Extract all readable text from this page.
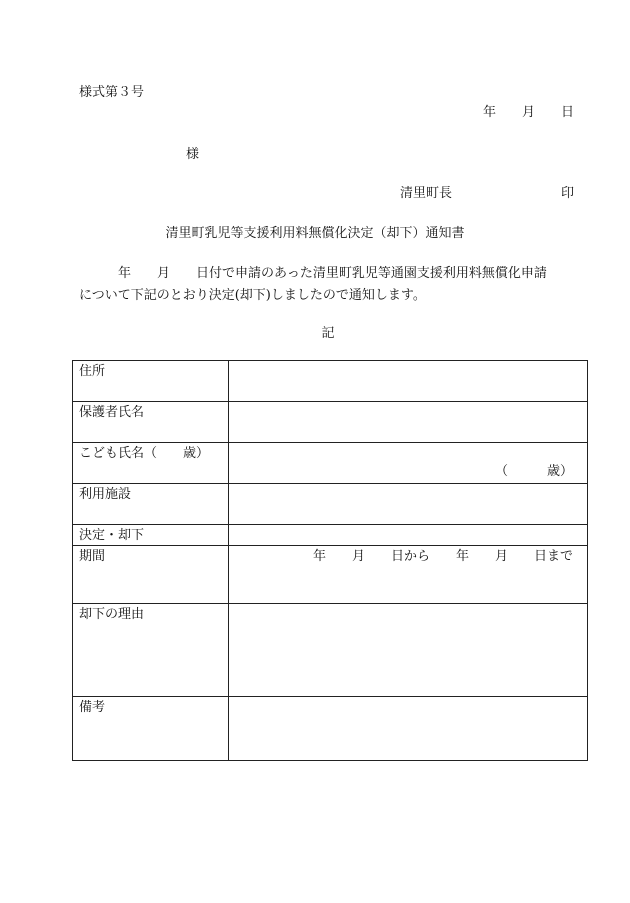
様式第３号
年　　月　　日
様
清里町長	印
清里町乳児等支援利用料無償化決定（却下）通知書
　　　年　　月　　日付で申請のあった清里町乳児等通園支援利用料無償化申請
について下記のとおり決定(却下)しましたので通知します。
記
住所	
保護者氏名	
こども氏名（　　歳）	（　　　歳）

利用施設	
決定・却下	
期間	年　　月　　日から　　年　　月　　日まで

却下の理由	
備考	
